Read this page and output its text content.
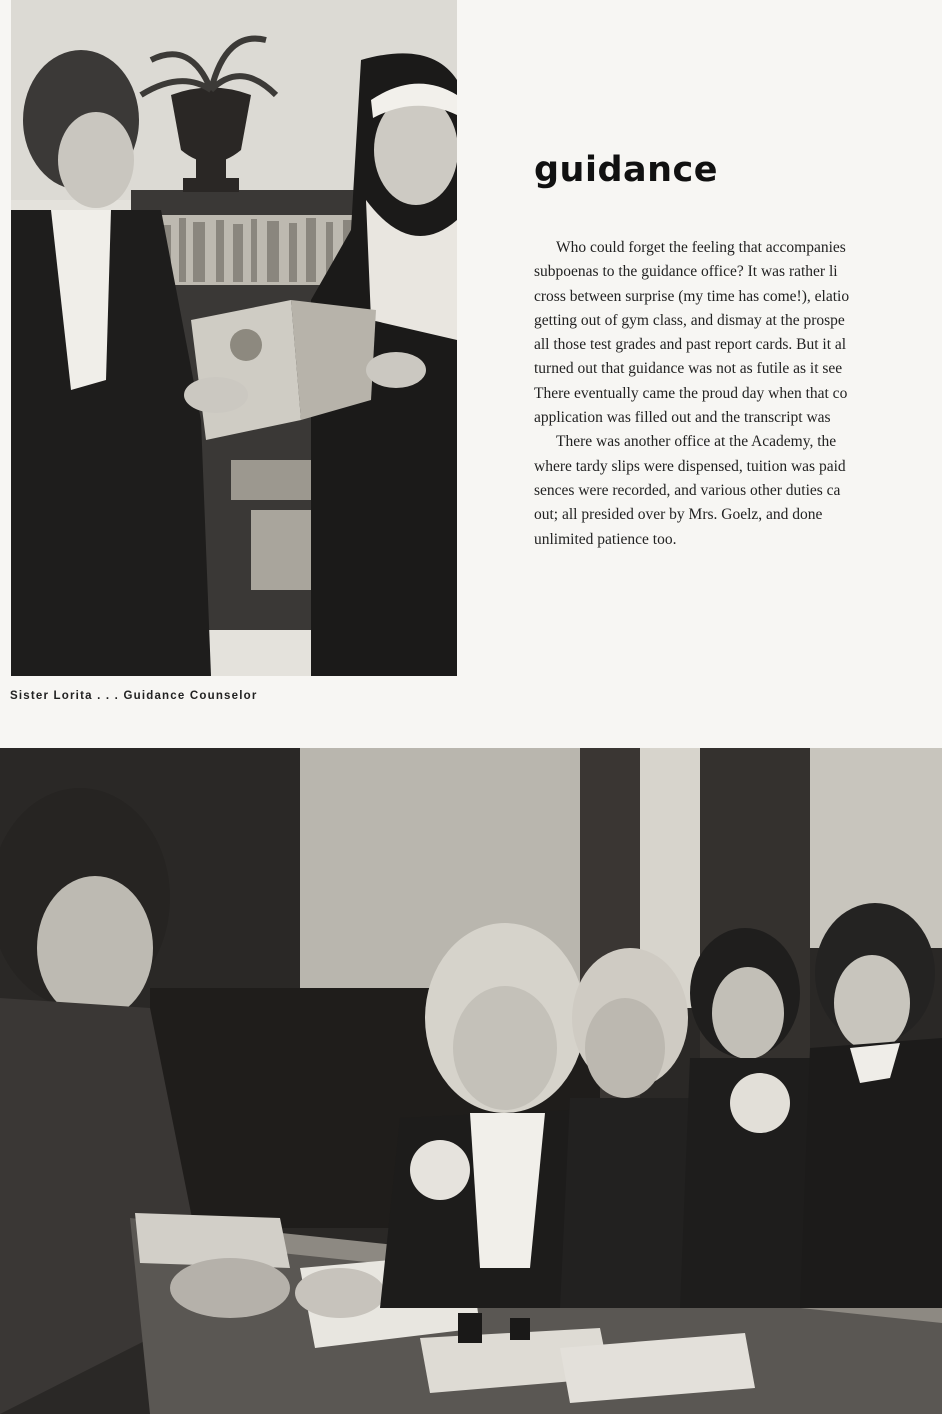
Sister Lorita . . . Guidance Counselor
guidance
Who could forget the feeling that accompanies
subpoenas to the guidance office? It was rather li
cross between surprise (my time has come!), elatio
getting out of gym class, and dismay at the prospe
all those test grades and past report cards. But it al
turned out that guidance was not as futile as it see
There eventually came the proud day when that co
application was filled out and the transcript was
There was another office at the Academy, the
where tardy slips were dispensed, tuition was paid
sences were recorded, and various other duties ca
out; all presided over by Mrs. Goelz, and done
unlimited patience too.
